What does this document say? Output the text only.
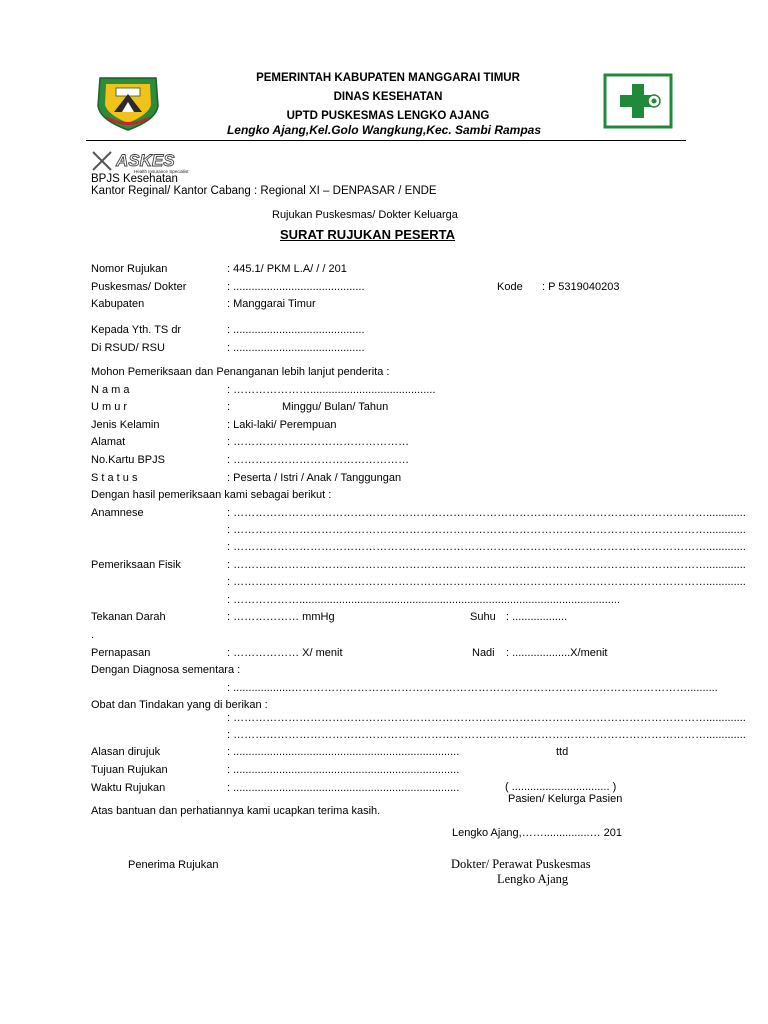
PEMERINTAH KABUPATEN MANGGARAI TIMUR
DINAS KESEHATAN
UPTD PUSKESMAS LENGKO AJANG
Lengko Ajang,Kel.Golo Wangkung,Kec. Sambi Rampas
ASKES
Health Insurance Specialist
BPJS Kesehatan
Kantor Reginal/ Kantor Cabang : Regional XI – DENPASAR / ENDE
Rujukan Puskesmas/ Dokter Keluarga
SURAT RUJUKAN PESERTA
Nomor Rujukan	: 445.1/ PKM L.A/ / / 201
Puskesmas/ Dokter	: ...........................................	Kode : P 5319040203
Kabupaten	: Manggarai Timur
Kepada Yth. TS dr	: ...........................................
Di RSUD/ RSU	: ...........................................
Mohon Pemeriksaan dan Penanganan lebih lanjut penderita :
N a m a	: ………………….........................................
U m u r	:	Minggu/ Bulan/ Tahun
Jenis Kelamin	: Laki-laki/ Perempuan
Alamat	: …………………………………………
No.Kartu BPJS	: …………………………………………
S t a t u s	: Peserta / Istri / Anak / Tanggungan
Dengan hasil pemeriksaan kami sebagai berikut :
Anamnese	: ………………………………………………………………………………………………………………….............
: ………………………………………………………………………………………………………………….............
: ………………………………………………………………………………………………………………….............
Pemeriksaan Fisik	: ………………………………………………………………………………………………………………….............
: ………………………………………………………………………………………………………………….............
: ……………….........................................................................................................
Tekanan Darah	: ……………… mmHg	Suhu : ..................
.
Pernapasan	: ……………… X/ menit	Nadi : ...................X/menit
Dengan Diagnosa sementara :
: ...................………………………………………………………………………………………………..........
Obat dan Tindakan yang di berikan :
: ………………………………………………………………………………………………………………….............
: ………………………………………………………………………………………………………………….............
Alasan dirujuk	: ..........................................................................	ttd
Tujuan Rujukan	: ..........................................................................
Waktu Rujukan	: ..........................................................................	( ................................ )
Pasien/ Kelurga Pasien
Atas bantuan dan perhatiannya kami ucapkan terima kasih.
Lengko Ajang,……...............… 201
Penerima Rujukan	Dokter/ Perawat Puskesmas
Lengko Ajang
